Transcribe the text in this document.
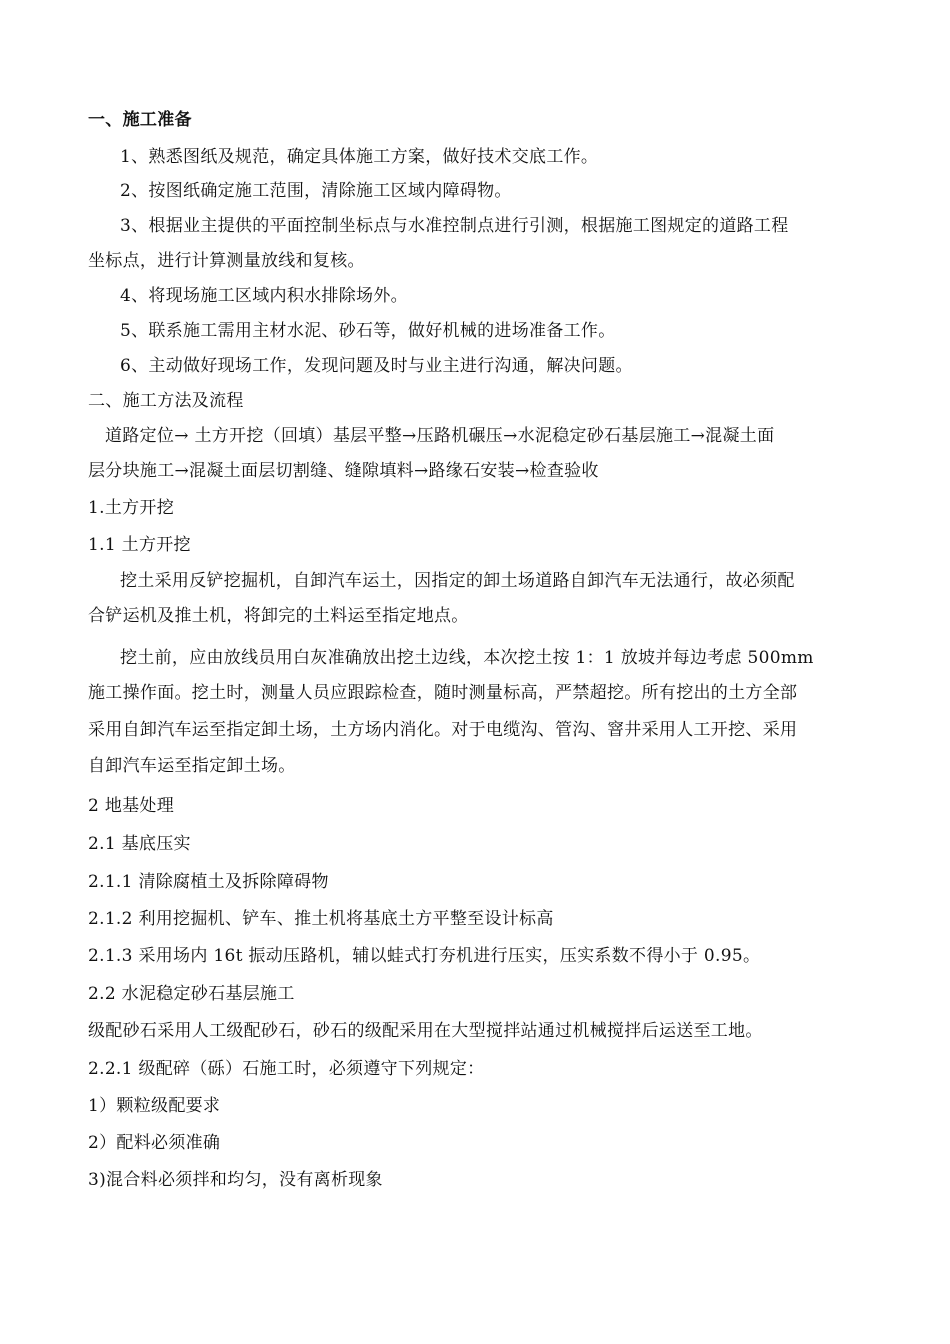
一、施工准备
1、熟悉图纸及规范，确定具体施工方案，做好技术交底工作。
2、按图纸确定施工范围，清除施工区域内障碍物。
3、根据业主提供的平面控制坐标点与水准控制点进行引测，根据施工图规定的道路工程
坐标点，进行计算测量放线和复核。
4、将现场施工区域内积水排除场外。
5、联系施工需用主材水泥、砂石等，做好机械的进场准备工作。
6、主动做好现场工作，发现问题及时与业主进行沟通，解决问题。
二、施工方法及流程
道路定位→ 土方开挖（回填）基层平整→压路机碾压→水泥稳定砂石基层施工→混凝土面
层分块施工→混凝土面层切割缝、缝隙填料→路缘石安装→检查验收
1.土方开挖
1.1 土方开挖
挖土采用反铲挖掘机，自卸汽车运土，因指定的卸土场道路自卸汽车无法通行，故必须配
合铲运机及推土机，将卸完的土料运至指定地点。
挖土前，应由放线员用白灰准确放出挖土边线，本次挖土按 1：1 放坡并每边考虑 500mm
施工操作面。挖土时，测量人员应跟踪检查，随时测量标高，严禁超挖。所有挖出的土方全部
采用自卸汽车运至指定卸土场，土方场内消化。对于电缆沟、管沟、窨井采用人工开挖、采用
自卸汽车运至指定卸土场。
2 地基处理
2.1 基底压实
2.1.1 清除腐植土及拆除障碍物
2.1.2 利用挖掘机、铲车、推土机将基底土方平整至设计标高
2.1.3 采用场内 16t 振动压路机，辅以蛙式打夯机进行压实，压实系数不得小于 0.95。
2.2 水泥稳定砂石基层施工
级配砂石采用人工级配砂石，砂石的级配采用在大型搅拌站通过机械搅拌后运送至工地。
2.2.1 级配碎（砾）石施工时，必须遵守下列规定：
1）颗粒级配要求
2）配料必须准确
3)混合料必须拌和均匀，没有离析现象
